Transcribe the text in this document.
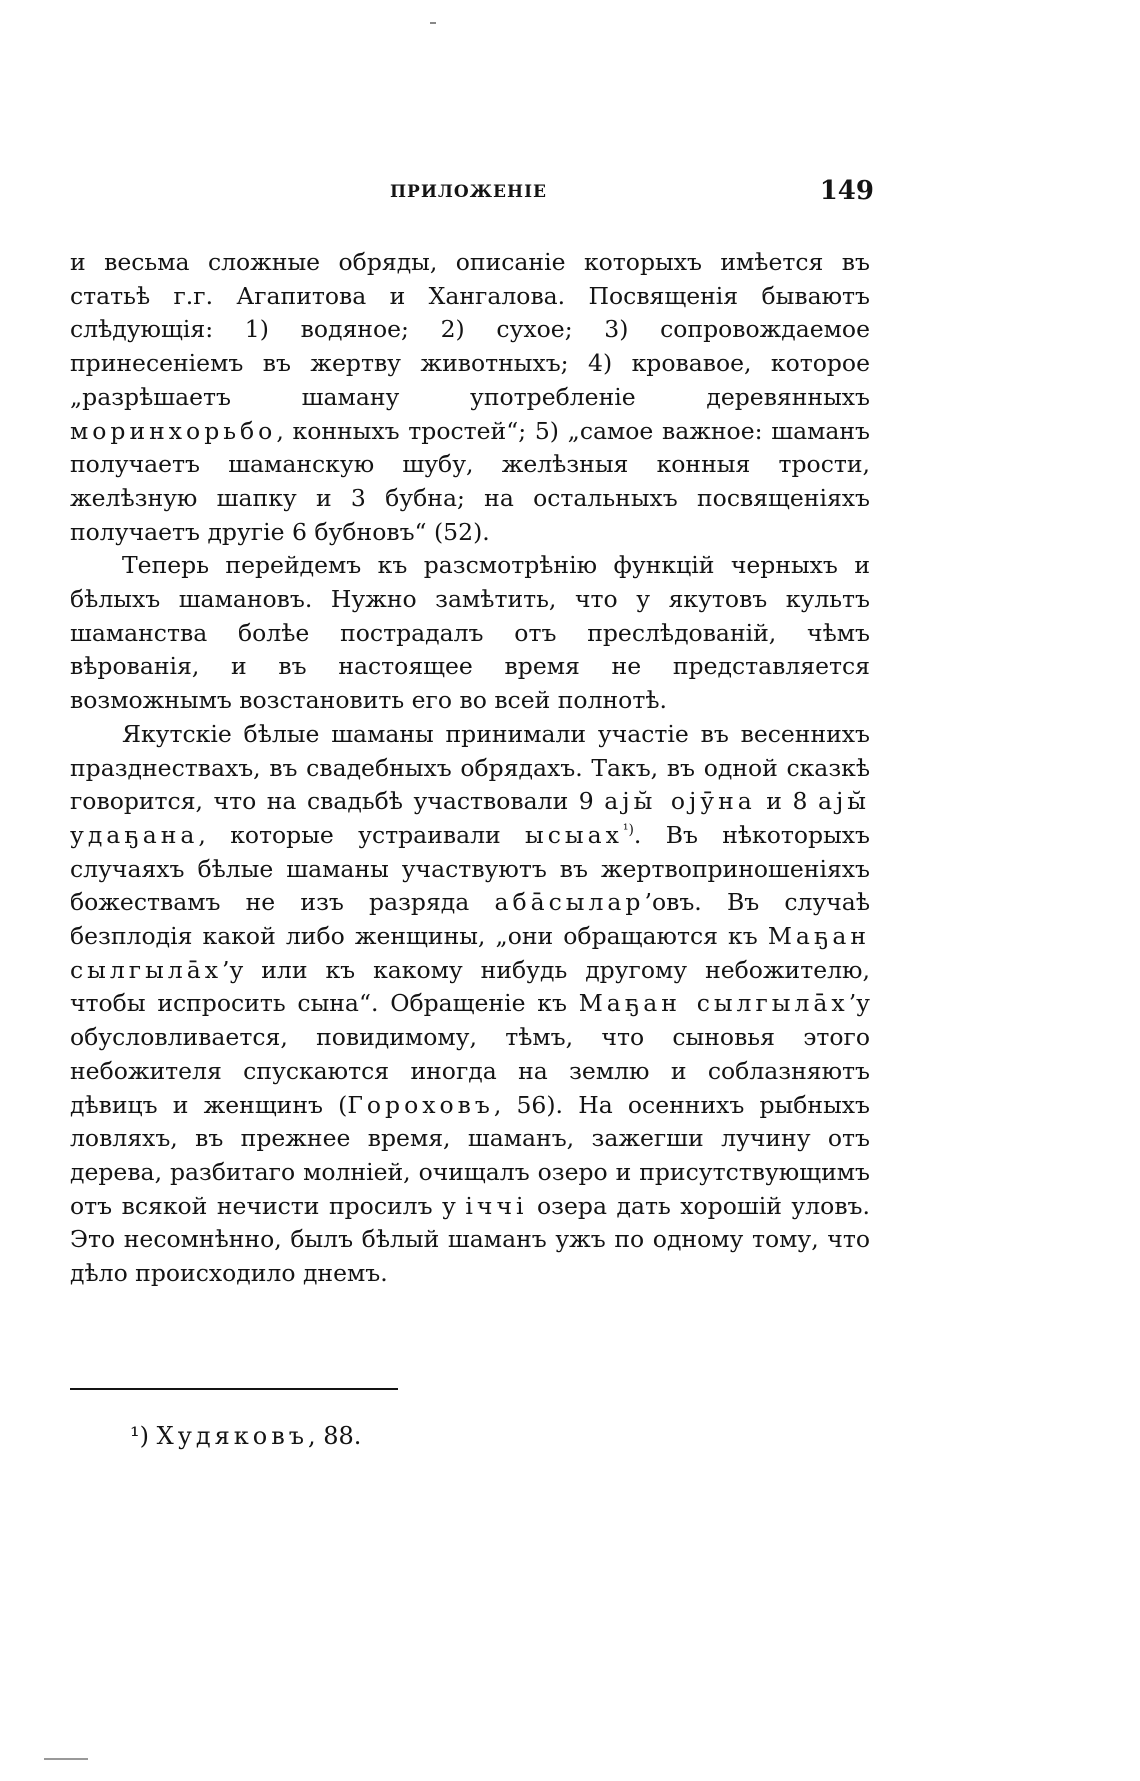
ПРИЛОЖЕНІЕ	149

и весьма сложные обряды, описаніе которыхъ имѣется въ статьѣ г.г. Агапитова и Хангалова. Посвященія бываютъ слѣдующія: 1) водяное; 2) сухое; 3) сопровождаемое принесеніемъ въ жертву животныхъ; 4) кровавое, которое „разрѣшаетъ шаману употребленіе деревянныхъ моринхорьбо, конныхъ тростей“; 5) „самое важное: шаманъ получаетъ шаманскую шубу, желѣзныя конныя трости, желѣзную шапку и 3 бубна; на остальныхъ посвященіяхъ получаетъ другіе 6 бубновъ“ (52).

Теперь перейдемъ къ разсмотрѣнію функцій черныхъ и бѣлыхъ шамановъ. Нужно замѣтить, что у якутовъ культъ шаманства болѣе пострадалъ отъ преслѣдованій, чѣмъ вѣрованія, и въ настоящее время не представляется возможнымъ возстановить его во всей полнотѣ.

Якутскіе бѣлые шаманы принимали участіе въ весеннихъ празднествахъ, въ свадебныхъ обрядахъ. Такъ, въ одной сказкѣ говорится, что на свадьбѣ участвовали 9 аjы̆ оjӯна и 8 аjы̆ удаҕана, которые устраивали ысыах$^{^1)}$. Въ нѣкоторыхъ случаяхъ бѣлые шаманы участвуютъ въ жертвоприношеніяхъ божествамъ не изъ разряда абāсылар’овъ. Въ случаѣ безплодія какой либо женщины, „они обращаются къ Маҕан сылгылāх’у или къ какому нибудь другому небожителю, чтобы испросить сына“. Обращеніе къ Маҕан сылгылāх’у обусловливается, повидимому, тѣмъ, что сыновья этого небожителя спускаются иногда на землю и соблазняютъ дѣвицъ и женщинъ (Гороховъ, 56). На осеннихъ рыбныхъ ловляхъ, въ прежнее время, шаманъ, зажегши лучину отъ дерева, разбитаго молніей, очищалъ озеро и присутствующимъ отъ всякой нечисти просилъ у іччі озера дать хорошій уловъ. Это несомнѣнно, былъ бѣлый шаманъ ужъ по одному тому, что дѣло происходило днемъ.

¹) Худяковъ, 88.
